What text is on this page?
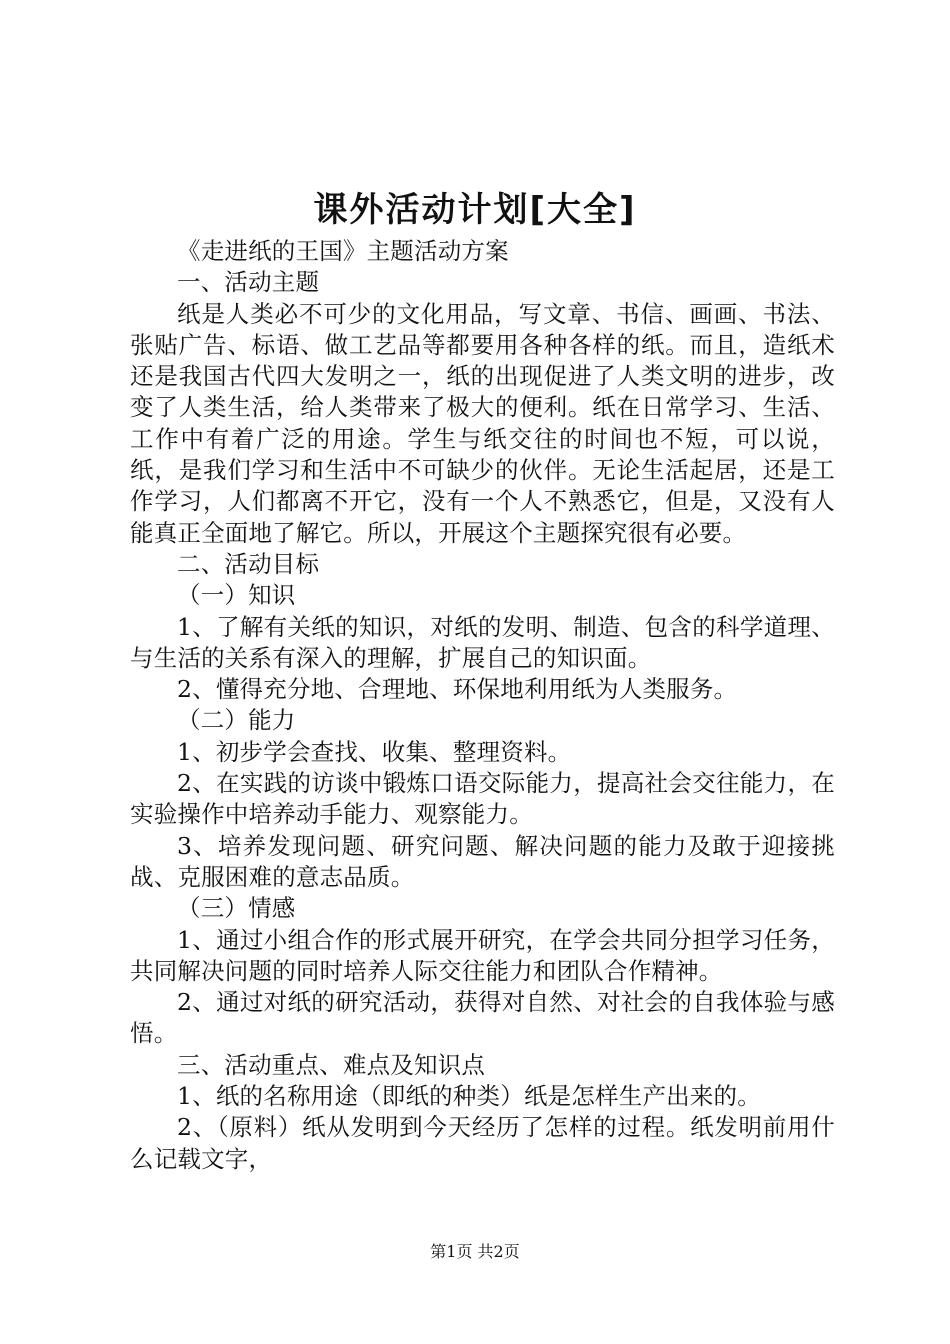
课外活动计划[大全]

《走进纸的王国》主题活动方案

一、活动主题

纸是人类必不可少的文化用品，写文章、书信、画画、书法、张贴广告、标语、做工艺品等都要用各种各样的纸。而且，造纸术还是我国古代四大发明之一，纸的出现促进了人类文明的进步，改变了人类生活，给人类带来了极大的便利。纸在日常学习、生活、工作中有着广泛的用途。学生与纸交往的时间也不短，可以说，纸，是我们学习和生活中不可缺少的伙伴。无论生活起居，还是工作学习，人们都离不开它，没有一个人不熟悉它，但是，又没有人能真正全面地了解它。所以，开展这个主题探究很有必要。

二、活动目标

（一）知识

1、了解有关纸的知识，对纸的发明、制造、包含的科学道理、与生活的关系有深入的理解，扩展自己的知识面。

2、懂得充分地、合理地、环保地利用纸为人类服务。

（二）能力

1、初步学会查找、收集、整理资料。

2、在实践的访谈中锻炼口语交际能力，提高社会交往能力，在实验操作中培养动手能力、观察能力。

3、培养发现问题、研究问题、解决问题的能力及敢于迎接挑战、克服困难的意志品质。

（三）情感

1、通过小组合作的形式展开研究，在学会共同分担学习任务，共同解决问题的同时培养人际交往能力和团队合作精神。

2、通过对纸的研究活动，获得对自然、对社会的自我体验与感悟。

三、活动重点、难点及知识点

1、纸的名称用途（即纸的种类）纸是怎样生产出来的。

2、（原料）纸从发明到今天经历了怎样的过程。纸发明前用什么记载文字，

第1页 共2页
